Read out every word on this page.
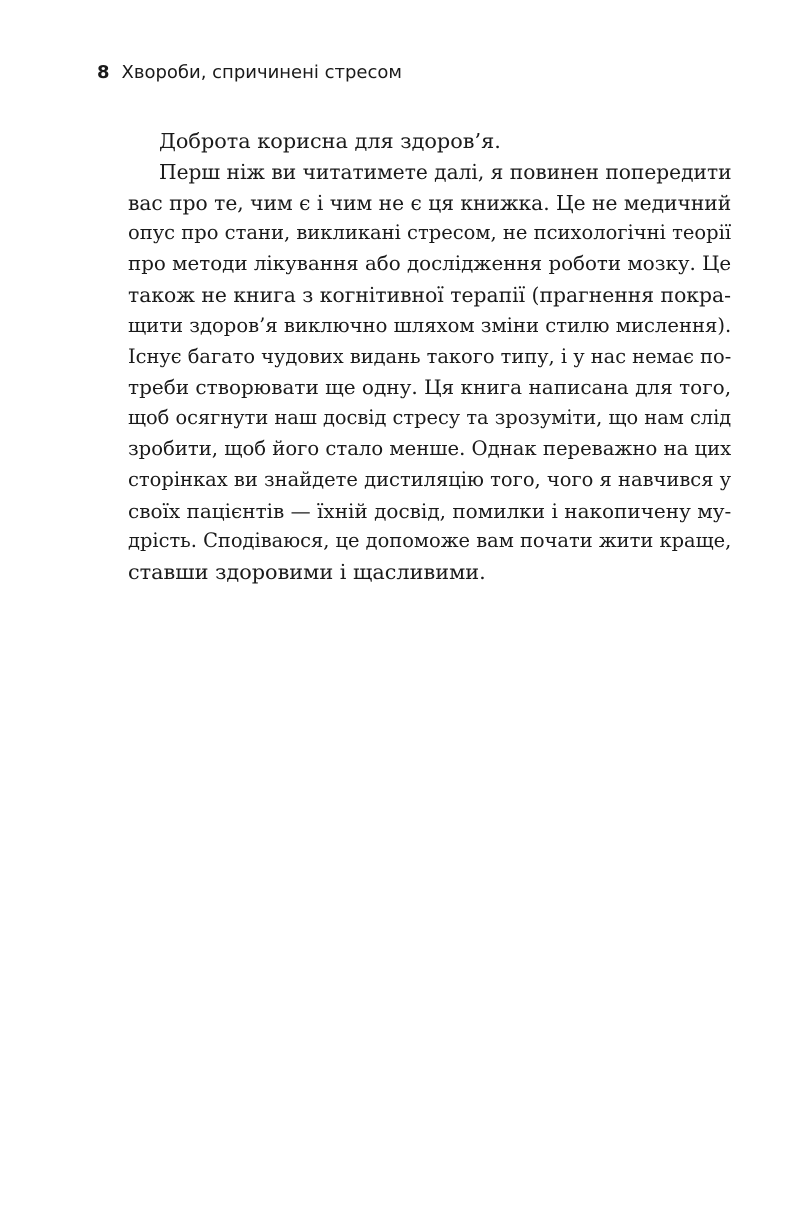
8 Хвороби, спричинені стресом
Доброта корисна для здоров’я.
Перш ніж ви читатимете далі, я повинен попередити
вас про те, чим є і чим не є ця книжка. Це не медичний
опус про стани, викликані стресом, не психологічні теорії
про методи лікування або дослідження роботи мозку. Це
також не книга з когнітивної терапії (прагнення покра-
щити здоров’я виключно шляхом зміни стилю мислення).
Існує багато чудових видань такого типу, і у нас немає по-
треби створювати ще одну. Ця книга написана для того,
щоб осягнути наш досвід стресу та зрозуміти, що нам слід
зробити, щоб його стало менше. Однак переважно на цих
сторінках ви знайдете дистиляцію того, чого я навчився у
своїх пацієнтів — їхній досвід, помилки і накопичену му-
дрість. Сподіваюся, це допоможе вам почати жити краще,
ставши здоровими і щасливими.
